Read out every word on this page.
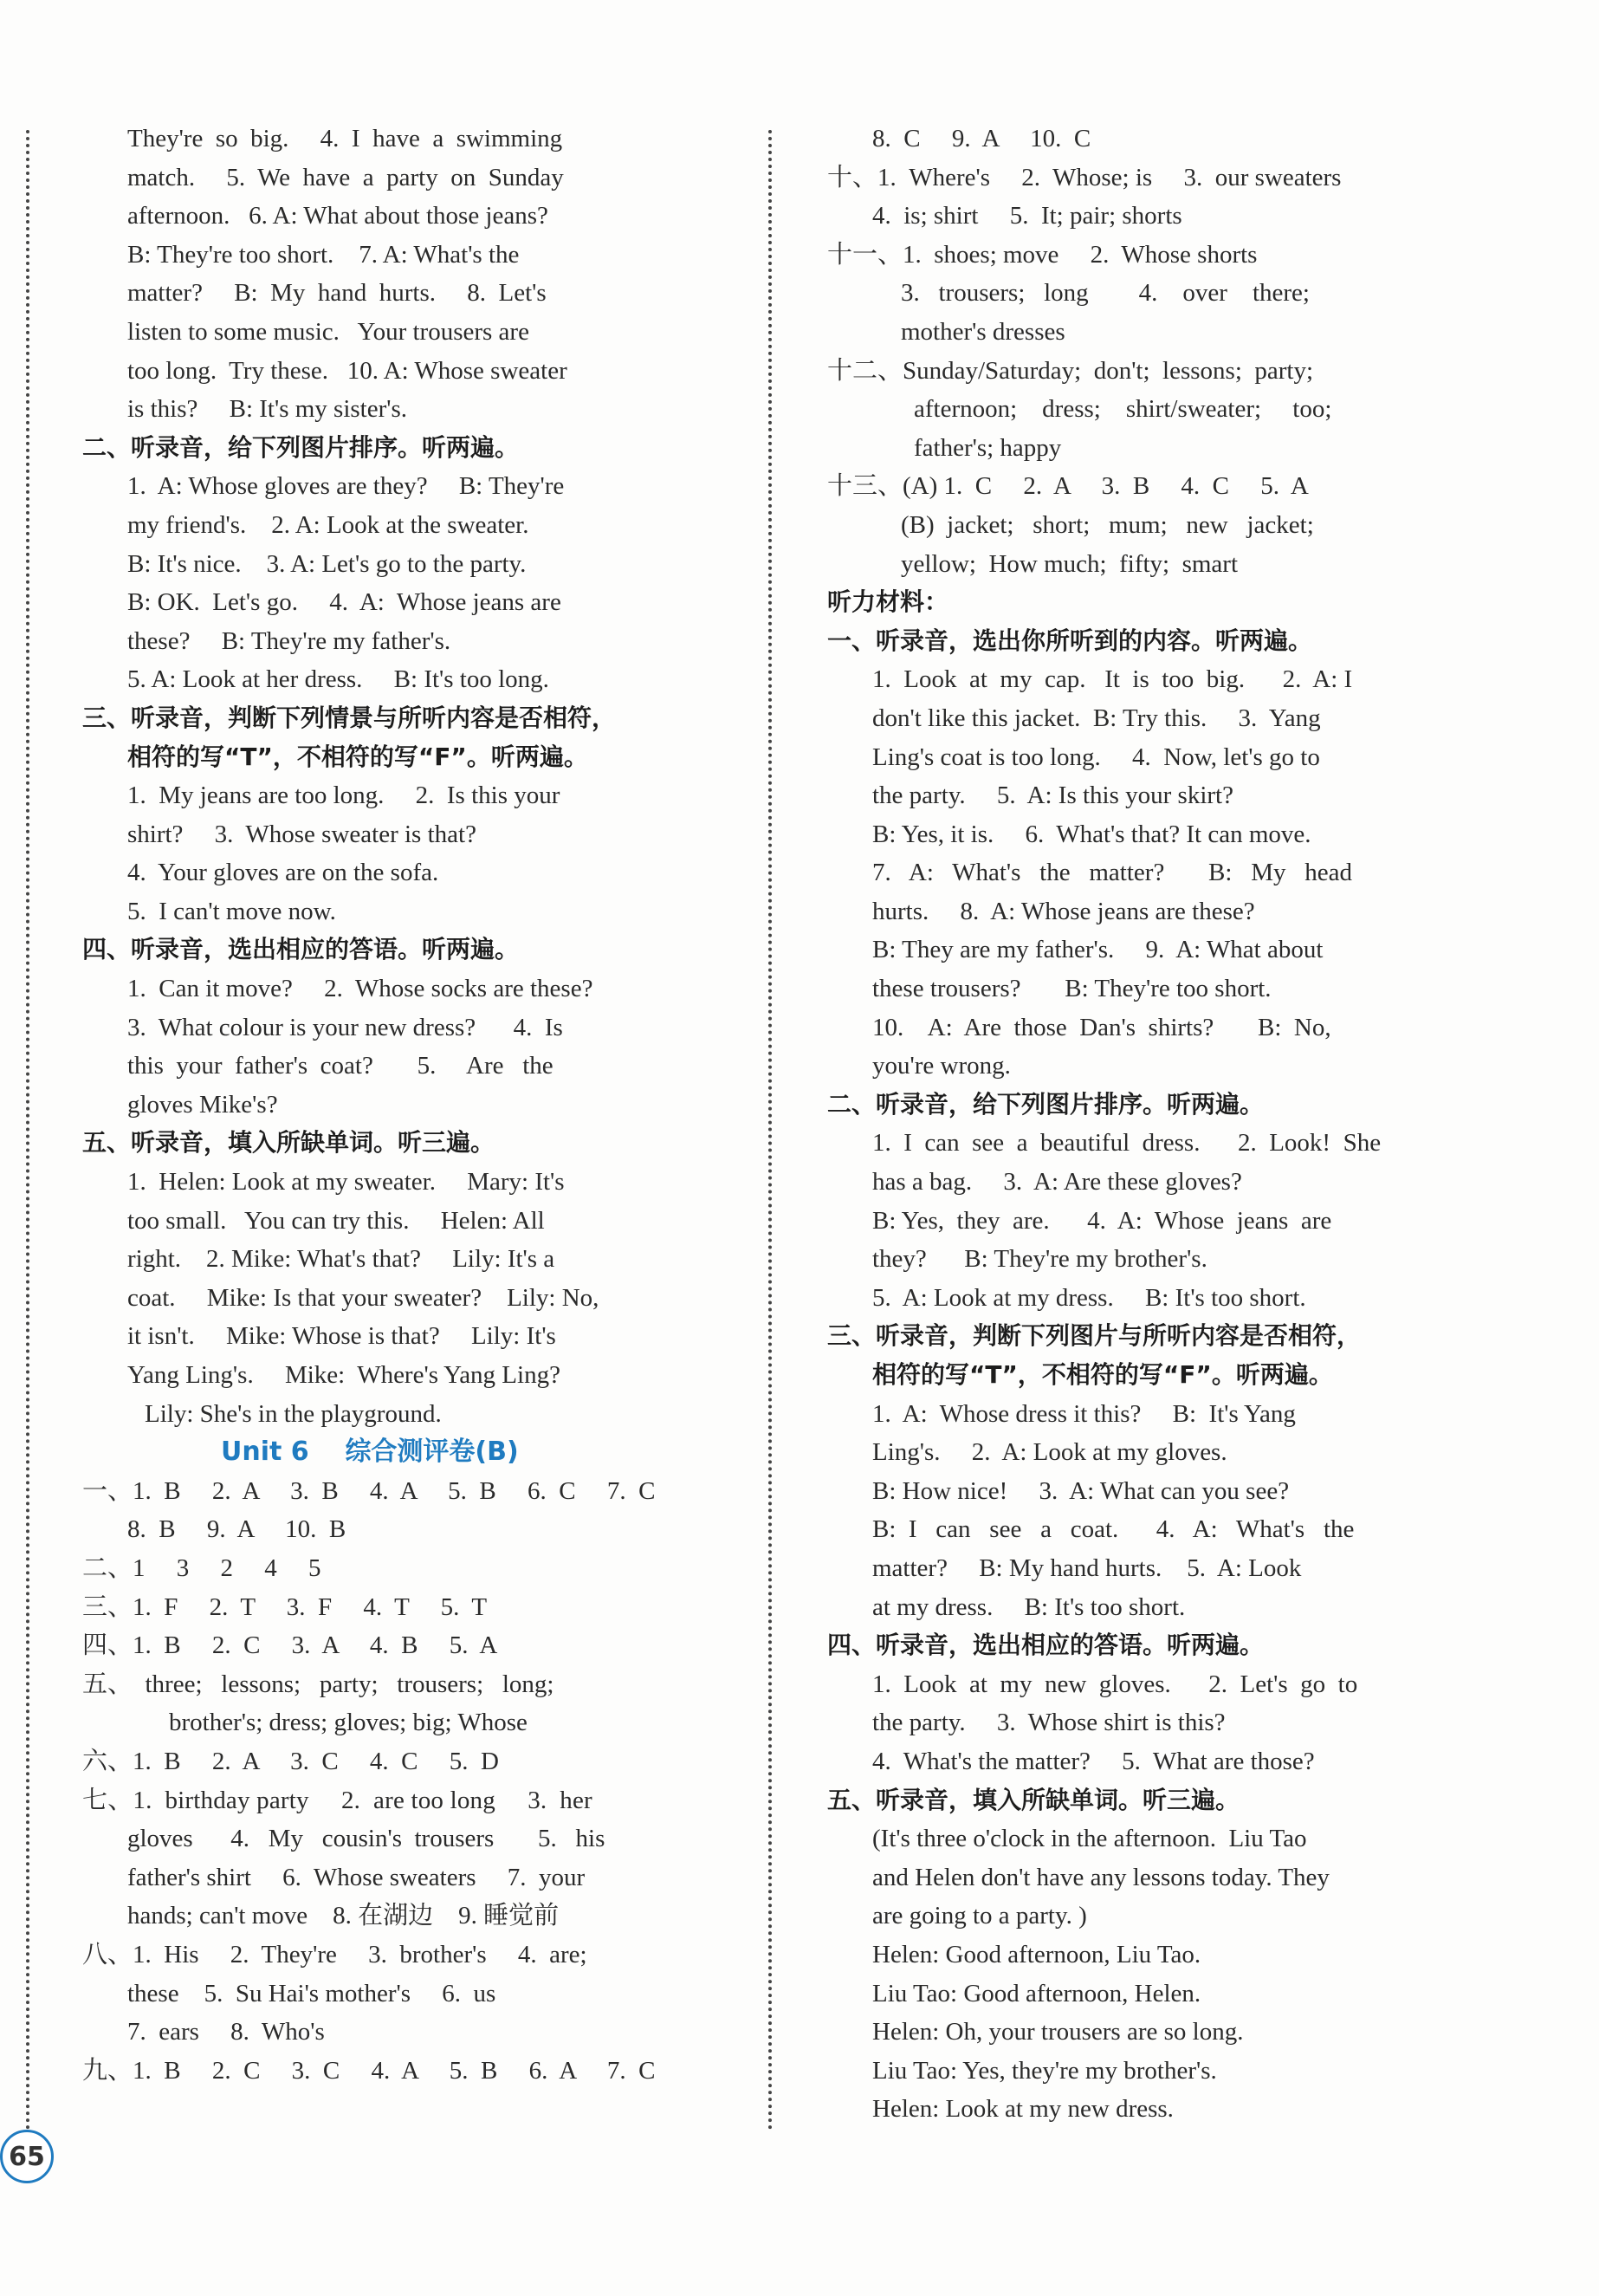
They're  so  big.     4.  I  have  a  swimming
match.     5.  We  have  a  party  on  Sunday
afternoon.   6. A: What about those jeans?
B: They're too short.    7. A: What's the
matter?     B:  My  hand  hurts.     8.  Let's
listen to some music.   Your trousers are
too long.  Try these.   10. A: Whose sweater
is this?     B: It's my sister's.
二、听录音，给下列图片排序。听两遍。
1.  A: Whose gloves are they?     B: They're
my friend's.    2. A: Look at the sweater.
B: It's nice.    3. A: Let's go to the party.
B: OK.  Let's go.     4.  A:  Whose jeans are
these?     B: They're my father's.
5. A: Look at her dress.     B: It's too long.
三、听录音，判断下列情景与所听内容是否相符，
相符的写“T”，不相符的写“F”。听两遍。
1.  My jeans are too long.     2.  Is this your
shirt?     3.  Whose sweater is that?
4.  Your gloves are on the sofa.
5.  I can't move now.
四、听录音，选出相应的答语。听两遍。
1.  Can it move?     2.  Whose socks are these?
3.  What colour is your new dress?      4.  Is
this  your  father's  coat?       5.     Are   the
gloves Mike's?
五、听录音，填入所缺单词。听三遍。
1.  Helen: Look at my sweater.     Mary: It's
too small.   You can try this.     Helen: All
right.    2. Mike: What's that?     Lily: It's a
coat.     Mike: Is that your sweater?    Lily: No,
it isn't.     Mike: Whose is that?     Lily: It's
Yang Ling's.     Mike:  Where's Yang Ling?
Lily: She's in the playground.
Unit 6    综合测评卷(B)
一、1.  B     2.  A     3.  B     4.  A     5.  B     6.  C     7.  C
8.  B     9.  A     10.  B
二、1     3     2     4     5
三、1.  F     2.  T     3.  F     4.  T     5.  T
四、1.  B     2.  C     3.  A     4.  B     5.  A
五、  three;   lessons;   party;   trousers;   long;
brother's; dress; gloves; big; Whose
六、1.  B     2.  A     3.  C     4.  C     5.  D
七、1.  birthday party     2.  are too long     3.  her
gloves      4.   My   cousin's  trousers       5.   his
father's shirt     6.  Whose sweaters     7.  your
hands; can't move    8. 在湖边    9. 睡觉前
八、1.  His     2.  They're     3.  brother's     4.  are;
these    5.  Su Hai's mother's     6.  us
7.  ears     8.  Who's
九、1.  B     2.  C     3.  C     4.  A     5.  B     6.  A     7.  C
8.  C     9.  A     10.  C
十、1.  Where's     2.  Whose; is     3.  our sweaters
4.  is; shirt     5.  It; pair; shorts
十一、1.  shoes; move     2.  Whose shorts
3.   trousers;   long        4.    over    there;
mother's dresses
十二、Sunday/Saturday;  don't;  lessons;  party;
afternoon;    dress;    shirt/sweater;     too;
father's; happy
十三、(A) 1.  C     2.  A     3.  B     4.  C     5.  A
(B)  jacket;   short;   mum;   new   jacket;
yellow;  How much;  fifty;  smart
听力材料：
一、听录音，选出你所听到的内容。听两遍。
1.  Look  at  my  cap.   It  is  too  big.      2.  A: I
don't like this jacket.  B: Try this.     3.  Yang
Ling's coat is too long.     4.  Now, let's go to
the party.     5.  A: Is this your skirt?
B: Yes, it is.     6.  What's that? It can move.
7.   A:   What's   the   matter?       B:   My   head
hurts.     8.  A: Whose jeans are these?
B: They are my father's.     9.  A: What about
these trousers?       B: They're too short.
10.    A:  Are  those  Dan's  shirts?       B:  No,
you're wrong.
二、听录音，给下列图片排序。听两遍。
1.  I  can  see  a  beautiful  dress.      2.  Look!  She
has a bag.     3.  A: Are these gloves?
B: Yes,  they  are.      4.  A:  Whose  jeans  are
they?      B: They're my brother's.
5.  A: Look at my dress.     B: It's too short.
三、听录音，判断下列图片与所听内容是否相符，
相符的写“T”，不相符的写“F”。听两遍。
1.  A:  Whose dress it this?     B:  It's Yang
Ling's.     2.  A: Look at my gloves.
B: How nice!     3.  A: What can you see?
B:  I   can   see   a   coat.      4.   A:   What's   the
matter?     B: My hand hurts.    5.  A: Look
at my dress.     B: It's too short.
四、听录音，选出相应的答语。听两遍。
1.  Look  at  my  new  gloves.      2.  Let's  go  to
the party.     3.  Whose shirt is this?
4.  What's the matter?     5.  What are those?
五、听录音，填入所缺单词。听三遍。
(It's three o'clock in the afternoon.  Liu Tao
and Helen don't have any lessons today. They
are going to a party. )
Helen: Good afternoon, Liu Tao.
Liu Tao: Good afternoon, Helen.
Helen: Oh, your trousers are so long.
Liu Tao: Yes, they're my brother's.
Helen: Look at my new dress.
65
